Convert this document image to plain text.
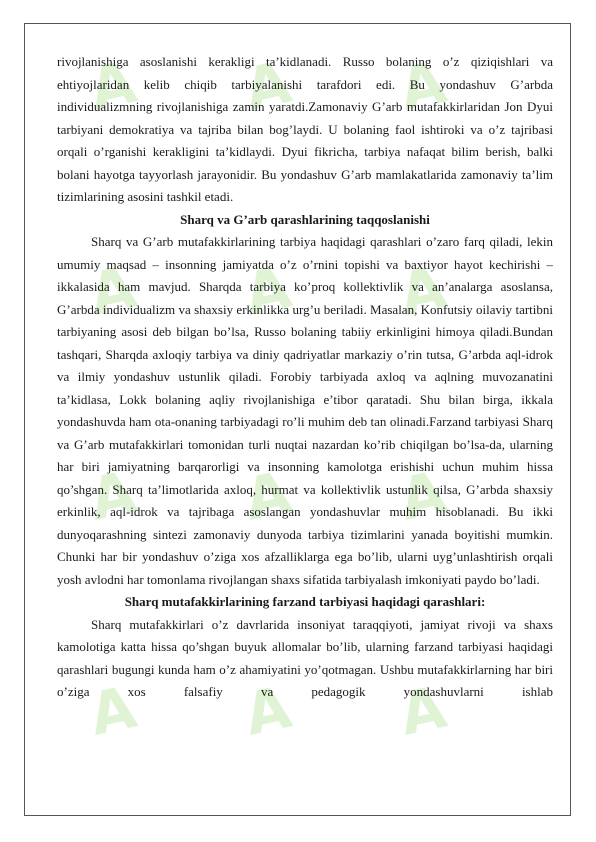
A A A
A A A
A A A
A A A

rivojlanishiga asoslanishi kerakligi ta’kidlanadi. Russo bolaning o’z qiziqishlari va ehtiyojlaridan kelib chiqib tarbiyalanishi tarafdori edi. Bu yondashuv G’arbda individualizmning rivojlanishiga zamin yaratdi.Zamonaviy G’arb mutafakkirlaridan Jon Dyui tarbiyani demokratiya va tajriba bilan bog’laydi. U bolaning faol ishtiroki va o’z tajribasi orqali o’rganishi kerakligini ta’kidlaydi. Dyui fikricha, tarbiya nafaqat bilim berish, balki bolani hayotga tayyorlash jarayonidir. Bu yondashuv G’arb mamlakatlarida zamonaviy ta’lim tizimlarining asosini tashkil etadi.

Sharq va G’arb qarashlarining taqqoslanishi

Sharq va G’arb mutafakkirlarining tarbiya haqidagi qarashlari o’zaro farq qiladi, lekin umumiy maqsad – insonning jamiyatda o’z o’rnini topishi va baxtiyor hayot kechirishi – ikkalasida ham mavjud. Sharqda tarbiya ko’proq kollektivlik va an’analarga asoslansa, G’arbda individualizm va shaxsiy erkinlikka urg’u beriladi. Masalan, Konfutsiy oilaviy tartibni tarbiyaning asosi deb bilgan bo’lsa, Russo bolaning tabiiy erkinligini himoya qiladi.Bundan tashqari, Sharqda axloqiy tarbiya va diniy qadriyatlar markaziy o’rin tutsa, G’arbda aql-idrok va ilmiy yondashuv ustunlik qiladi. Forobiy tarbiyada axloq va aqlning muvozanatini ta’kidlasa, Lokk bolaning aqliy rivojlanishiga e’tibor qaratadi. Shu bilan birga, ikkala yondashuvda ham ota-onaning tarbiyadagi ro’li muhim deb tan olinadi.Farzand tarbiyasi Sharq va G’arb mutafakkirlari tomonidan turli nuqtai nazardan ko’rib chiqilgan bo’lsa-da, ularning har biri jamiyatning barqarorligi va insonning kamolotga erishishi uchun muhim hissa qo’shgan. Sharq ta’limotlarida axloq, hurmat va kollektivlik ustunlik qilsa, G’arbda shaxsiy erkinlik, aql-idrok va tajribaga asoslangan yondashuvlar muhim hisoblanadi. Bu ikki dunyoqarashning sintezi zamonaviy dunyoda tarbiya tizimlarini yanada boyitishi mumkin. Chunki har bir yondashuv o’ziga xos afzalliklarga ega bo’lib, ularni uyg’unlashtirish orqali yosh avlodni har tomonlama rivojlangan shaxs sifatida tarbiyalash imkoniyati paydo bo’ladi.

Sharq mutafakkirlarining farzand tarbiyasi haqidagi qarashlari:

Sharq mutafakkirlari o’z davrlarida insoniyat taraqqiyoti, jamiyat rivoji va shaxs kamolotiga katta hissa qo’shgan buyuk allomalar bo’lib, ularning farzand tarbiyasi haqidagi qarashlari bugungi kunda ham o’z ahamiyatini yo’qotmagan. Ushbu mutafakkirlarning har biri o’ziga xos falsafiy va pedagogik yondashuvlarni ishlab
